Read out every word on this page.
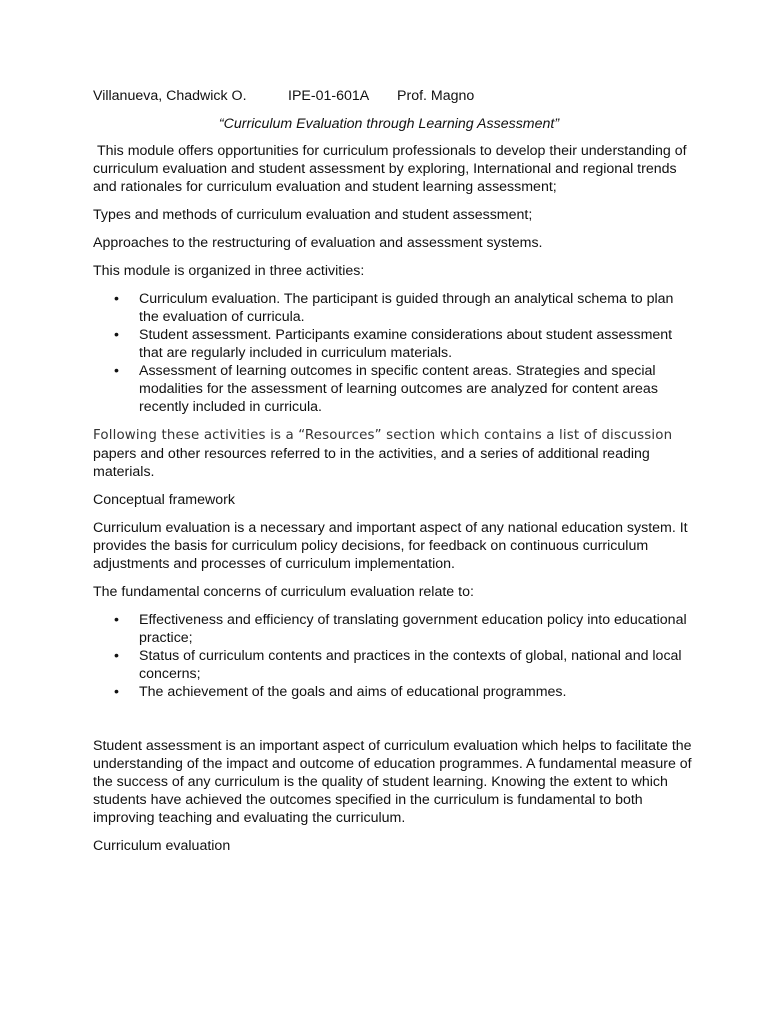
Villanueva, Chadwick O.	IPE-01-601A Prof. Magno

“Curriculum Evaluation through Learning Assessment”

This module offers opportunities for curriculum professionals to develop their understanding of curriculum evaluation and student assessment by exploring, International and regional trends and rationales for curriculum evaluation and student learning assessment;

Types and methods of curriculum evaluation and student assessment;

Approaches to the restructuring of evaluation and assessment systems.

This module is organized in three activities:

• Curriculum evaluation. The participant is guided through an analytical schema to plan the evaluation of curricula.
• Student assessment. Participants examine considerations about student assessment that are regularly included in curriculum materials.
• Assessment of learning outcomes in specific content areas. Strategies and special modalities for the assessment of learning outcomes are analyzed for content areas recently included in curricula.

Following these activities is a “Resources” section which contains a list of discussion papers and other resources referred to in the activities, and a series of additional reading materials.

Conceptual framework

Curriculum evaluation is a necessary and important aspect of any national education system. It provides the basis for curriculum policy decisions, for feedback on continuous curriculum adjustments and processes of curriculum implementation.

The fundamental concerns of curriculum evaluation relate to:

• Effectiveness and efficiency of translating government education policy into educational practice;
• Status of curriculum contents and practices in the contexts of global, national and local concerns;
• The achievement of the goals and aims of educational programmes.

Student assessment is an important aspect of curriculum evaluation which helps to facilitate the understanding of the impact and outcome of education programmes. A fundamental measure of the success of any curriculum is the quality of student learning. Knowing the extent to which students have achieved the outcomes specified in the curriculum is fundamental to both improving teaching and evaluating the curriculum.

Curriculum evaluation
